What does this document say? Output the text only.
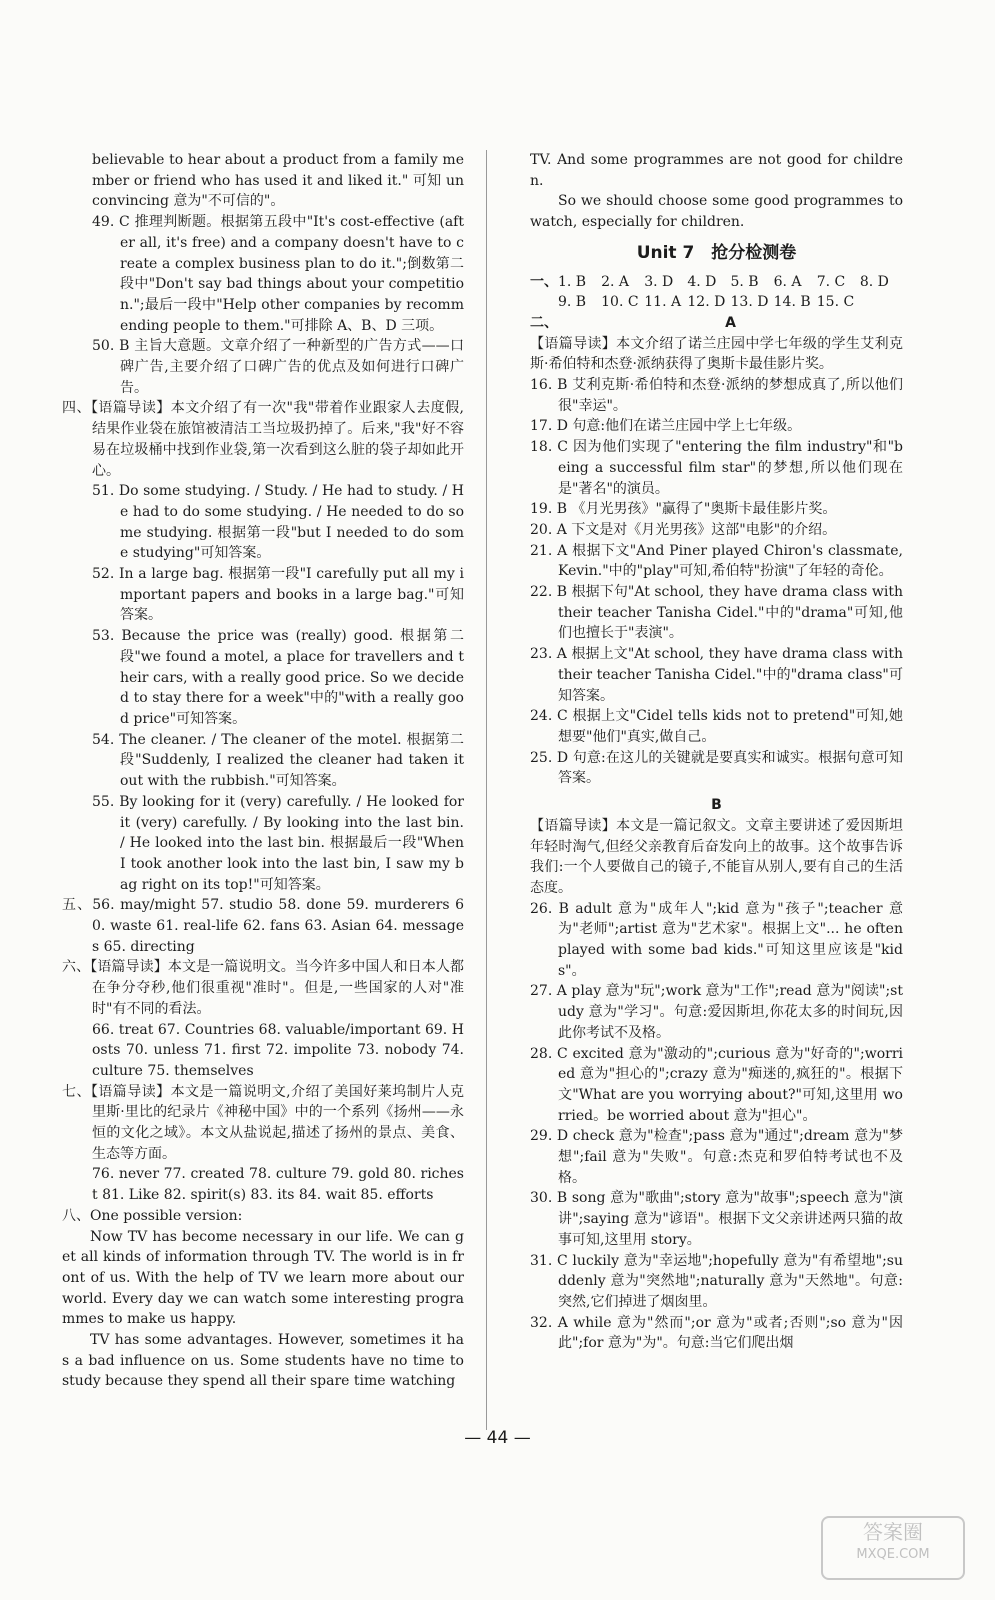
believable to hear about a product from a family member or friend who has used it and liked it." 可知 unconvincing 意为"不可信的"。

49. C 推理判断题。根据第五段中"It's cost-effective (after all, it's free) and a company doesn't have to create a complex business plan to do it.";倒数第二段中"Don't say bad things about your competition.";最后一段中"Help other companies by recommending people to them."可排除 A、B、D 三项。

50. B 主旨大意题。文章介绍了一种新型的广告方式——口碑广告,主要介绍了口碑广告的优点及如何进行口碑广告。

四、【语篇导读】本文介绍了有一次"我"带着作业跟家人去度假,结果作业袋在旅馆被清洁工当垃圾扔掉了。后来,"我"好不容易在垃圾桶中找到作业袋,第一次看到这么脏的袋子却如此开心。

51. Do some studying. / Study. / He had to study. / He had to do some studying. / He needed to do some studying. 根据第一段"but I needed to do some studying"可知答案。

52. In a large bag. 根据第一段"I carefully put all my important papers and books in a large bag."可知答案。

53. Because the price was (really) good. 根据第二段"we found a motel, a place for travellers and their cars, with a really good price. So we decided to stay there for a week"中的"with a really good price"可知答案。

54. The cleaner. / The cleaner of the motel. 根据第二段"Suddenly, I realized the cleaner had taken it out with the rubbish."可知答案。

55. By looking for it (very) carefully. / He looked for it (very) carefully. / By looking into the last bin. / He looked into the last bin. 根据最后一段"When I took another look into the last bin, I saw my bag right on its top!"可知答案。

五、56. may/might 57. studio 58. done 59. murderers 60. waste 61. real-life 62. fans 63. Asian 64. messages 65. directing

六、【语篇导读】本文是一篇说明文。当今许多中国人和日本人都在争分夺秒,他们很重视"准时"。但是,一些国家的人对"准时"有不同的看法。

66. treat 67. Countries 68. valuable/important 69. Hosts 70. unless 71. first 72. impolite 73. nobody 74. culture 75. themselves

七、【语篇导读】本文是一篇说明文,介绍了美国好莱坞制片人克里斯·里比的纪录片《神秘中国》中的一个系列《扬州——永恒的文化之域》。本文从盐说起,描述了扬州的景点、美食、生态等方面。

76. never 77. created 78. culture 79. gold 80. richest 81. Like 82. spirit(s) 83. its 84. wait 85. efforts

八、One possible version:

Now TV has become necessary in our life. We can get all kinds of information through TV. The world is in front of us. With the help of TV we learn more about our world. Every day we can watch some interesting programmes to make us happy.

TV has some advantages. However, sometimes it has a bad influence on us. Some students have no time to study because they spend all their spare time watching

TV. And some programmes are not good for children.

So we should choose some good programmes to watch, especially for children.

Unit 7　抢分检测卷
一、 1. B	2. A	3. D	4. D	5. B	6. A	7. C	8. D
9. B	10. C 11. A 12. D 13. D 14. B 15. C
二、	A

【语篇导读】本文介绍了诺兰庄园中学七年级的学生艾利克斯·希伯特和杰登·派纳获得了奥斯卡最佳影片奖。

16. B 艾利克斯·希伯特和杰登·派纳的梦想成真了,所以他们很"幸运"。

17. D 句意:他们在诺兰庄园中学上七年级。

18. C 因为他们实现了"entering the film industry"和"being a successful film star"的梦想,所以他们现在是"著名"的演员。

19. B 《月光男孩》"赢得了"奥斯卡最佳影片奖。

20. A 下文是对《月光男孩》这部"电影"的介绍。

21. A 根据下文"And Piner played Chiron's classmate, Kevin."中的"play"可知,希伯特"扮演"了年轻的奇伦。

22. B 根据下句"At school, they have drama class with their teacher Tanisha Cidel."中的"drama"可知,他们也擅长于"表演"。

23. A 根据上文"At school, they have drama class with their teacher Tanisha Cidel."中的"drama class"可知答案。

24. C 根据上文"Cidel tells kids not to pretend"可知,她想要"他们"真实,做自己。

25. D 句意:在这儿的关键就是要真实和诚实。根据句意可知答案。

B

【语篇导读】本文是一篇记叙文。文章主要讲述了爱因斯坦年轻时淘气,但经父亲教育后奋发向上的故事。这个故事告诉我们:一个人要做自己的镜子,不能盲从别人,要有自己的生活态度。

26. B adult 意为"成年人";kid 意为"孩子";teacher 意为"老师";artist 意为"艺术家"。根据上文"... he often played with some bad kids."可知这里应该是"kids"。

27. A play 意为"玩";work 意为"工作";read 意为"阅读";study 意为"学习"。句意:爱因斯坦,你花太多的时间玩,因此你考试不及格。

28. C excited 意为"激动的";curious 意为"好奇的";worried 意为"担心的";crazy 意为"痴迷的,疯狂的"。根据下文"What are you worrying about?"可知,这里用 worried。be worried about 意为"担心"。

29. D check 意为"检查";pass 意为"通过";dream 意为"梦想";fail 意为"失败"。句意:杰克和罗伯特考试也不及格。

30. B song 意为"歌曲";story 意为"故事";speech 意为"演讲";saying 意为"谚语"。根据下文父亲讲述两只猫的故事可知,这里用 story。

31. C luckily 意为"幸运地";hopefully 意为"有希望地";suddenly 意为"突然地";naturally 意为"天然地"。句意:突然,它们掉进了烟囱里。

32. A while 意为"然而";or 意为"或者;否则";so 意为"因此";for 意为"为"。句意:当它们爬出烟

— 44 —
答案圈
MXQE.COM
